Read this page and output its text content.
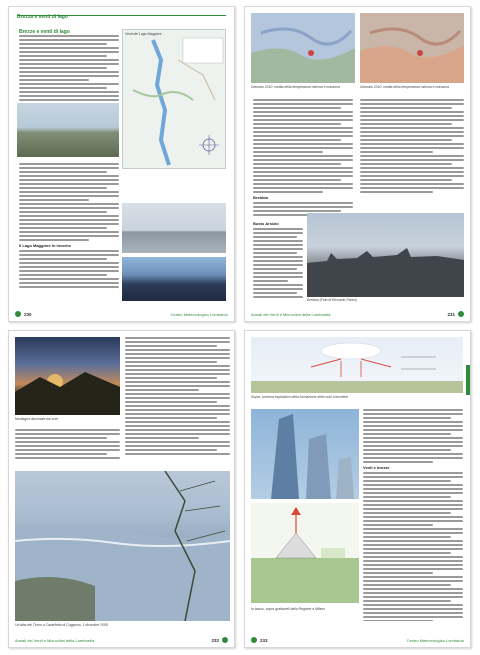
Brezza e venti di lago
Brezze e venti di lago	Venti del Lago Maggiore
Il Lago Maggiore in inverno
230	Centro Meteorologico Lombardo
Gennaio 2010: media della temperatura minima e massima	Gennaio 2010: media della temperatura minima e massima
Brebbia
Busto Arsizio
Brebbia (Foto di Riccardo Panini)
Annali dei Venti e Microclimi della Lombardia	231
Montagne illuminate dal sole
Un'alba del Ticino a Castelletto di Cuggiono, 1 dicembre 2008
Annali dei Venti e Microclimi della Lombardia	232
Sopra, schema esplicativo della formazione delle nubi convettive
In basso, sopra grattacieli della Regione a Milano
Venti e brezze
233	Centro Meteorologico Lombardo
